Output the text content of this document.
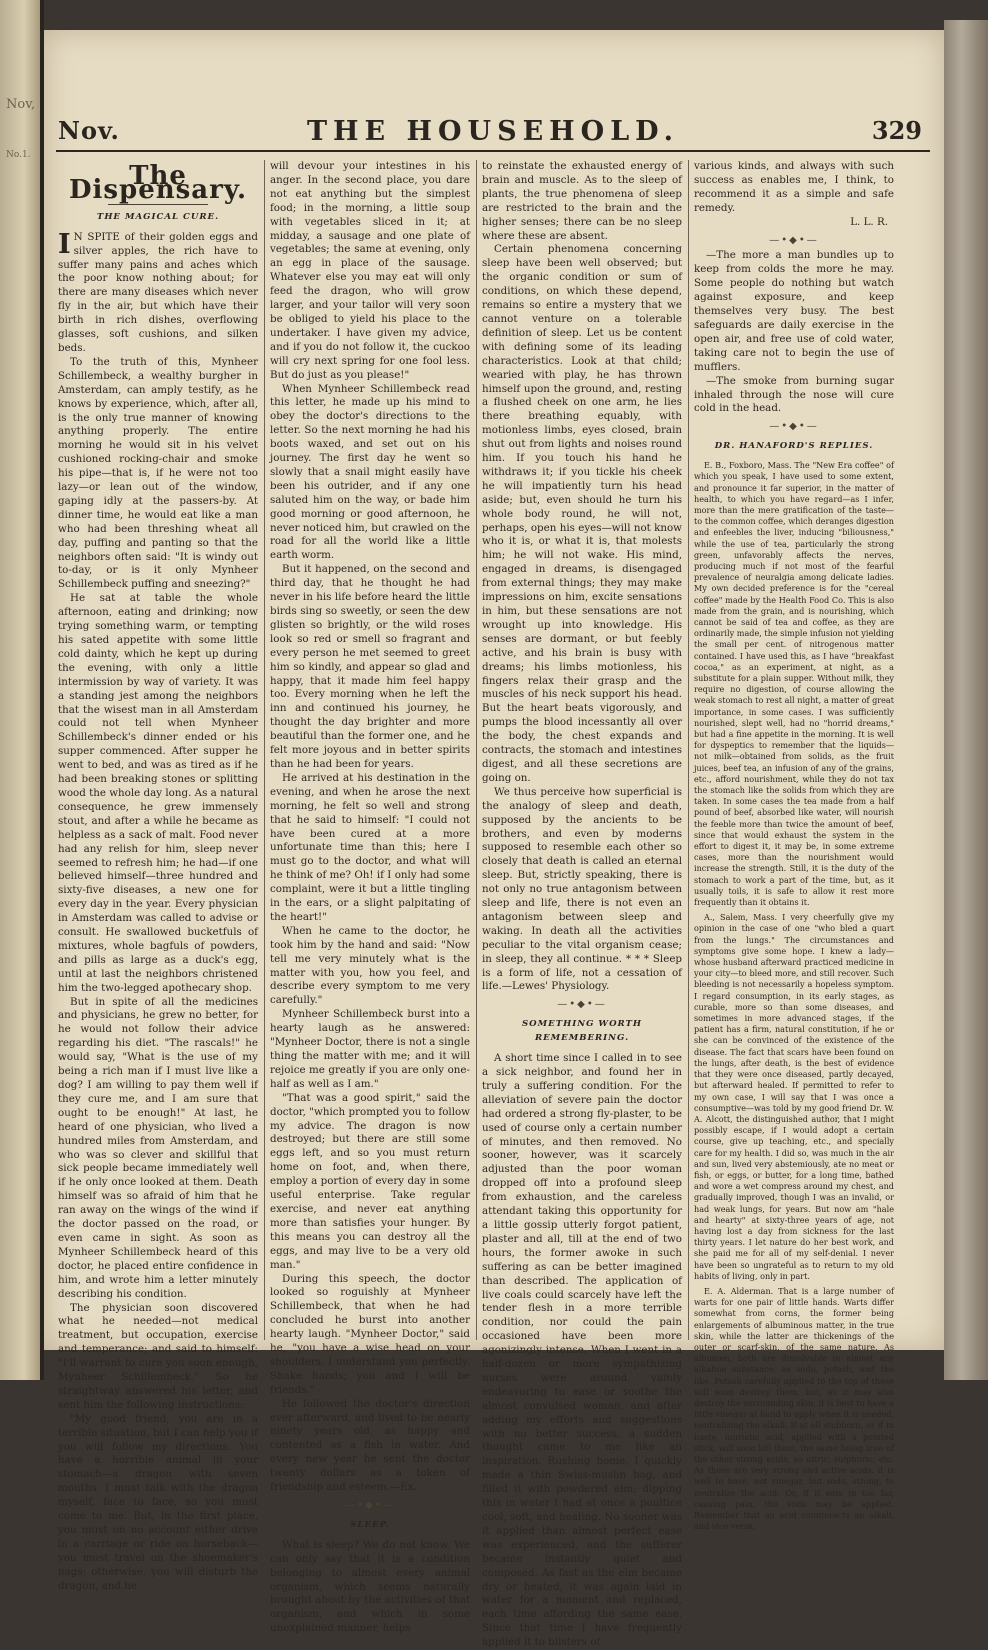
Nov,
No.1.
Nov.	THE HOUSEHOLD.	329
The Dispensary.
THE MAGICAL CURE.

I N SPITE of their golden eggs and silver apples, the rich have to suffer many pains and aches which the poor know nothing about; for there are many diseases which never fly in the air, but which have their birth in rich dishes, overflowing glasses, soft cushions, and silken beds.

To the truth of this, Mynheer Schillembeck, a wealthy burgher in Amsterdam, can amply testify, as he knows by experience, which, after all, is the only true manner of knowing anything properly. The entire morning he would sit in his velvet cushioned rocking-chair and smoke his pipe—that is, if he were not too lazy—or lean out of the window, gaping idly at the passers-by. At dinner time, he would eat like a man who had been threshing wheat all day, puffing and panting so that the neighbors often said: "It is windy out to-day, or is it only Mynheer Schillembeck puffing and sneezing?"

He sat at table the whole afternoon, eating and drinking; now trying something warm, or tempting his sated appetite with some little cold dainty, which he kept up during the evening, with only a little intermission by way of variety. It was a standing jest among the neighbors that the wisest man in all Amsterdam could not tell when Mynheer Schillembeck's dinner ended or his supper commenced. After supper he went to bed, and was as tired as if he had been breaking stones or splitting wood the whole day long. As a natural consequence, he grew immensely stout, and after a while he became as helpless as a sack of malt. Food never had any relish for him, sleep never seemed to refresh him; he had—if one believed himself—three hundred and sixty-five diseases, a new one for every day in the year. Every physician in Amsterdam was called to advise or consult. He swallowed bucketfuls of mixtures, whole bagfuls of powders, and pills as large as a duck's egg, until at last the neighbors christened him the two-legged apothecary shop.

But in spite of all the medicines and physicians, he grew no better, for he would not follow their advice regarding his diet. "The rascals!" he would say, "What is the use of my being a rich man if I must live like a dog? I am willing to pay them well if they cure me, and I am sure that ought to be enough!" At last, he heard of one physician, who lived a hundred miles from Amsterdam, and who was so clever and skillful that sick people became immediately well if he only once looked at them. Death himself was so afraid of him that he ran away on the wings of the wind if the doctor passed on the road, or even came in sight. As soon as Mynheer Schillembeck heard of this doctor, he placed entire confidence in him, and wrote him a letter minutely describing his condition.

The physician soon discovered what he needed—not medical treatment, but occupation, exercise and temperance; and said to himself: "I'll warrant to cure you soon enough, Mynheer Schillembeck." So he straightway answered his letter, and sent him the following instructions:

"My good friend, you are in a terrible situation, but I can help you if you will follow my directions. You have a horrible animal in your stomach—a dragon with seven mouths. I must talk with the dragon myself, face to face, so you must come to me. But, in the first place, you must on no account either drive in a carriage or ride on horseback—you must travel on the shoemaker's nags; otherwise, you will disturb the dragon, and he

will devour your intestines in his anger. In the second place, you dare not eat anything but the simplest food; in the morning, a little soup with vegetables sliced in it; at midday, a sausage and one plate of vegetables; the same at evening, only an egg in place of the sausage. Whatever else you may eat will only feed the dragon, who will grow larger, and your tailor will very soon be obliged to yield his place to the undertaker. I have given my advice, and if you do not follow it, the cuckoo will cry next spring for one fool less. But do just as you please!"

When Mynheer Schillembeck read this letter, he made up his mind to obey the doctor's directions to the letter. So the next morning he had his boots waxed, and set out on his journey. The first day he went so slowly that a snail might easily have been his outrider, and if any one saluted him on the way, or bade him good morning or good afternoon, he never noticed him, but crawled on the road for all the world like a little earth worm.

But it happened, on the second and third day, that he thought he had never in his life before heard the little birds sing so sweetly, or seen the dew glisten so brightly, or the wild roses look so red or smell so fragrant and every person he met seemed to greet him so kindly, and appear so glad and happy, that it made him feel happy too. Every morning when he left the inn and continued his journey, he thought the day brighter and more beautiful than the former one, and he felt more joyous and in better spirits than he had been for years.

He arrived at his destination in the evening, and when he arose the next morning, he felt so well and strong that he said to himself: "I could not have been cured at a more unfortunate time than this; here I must go to the doctor, and what will he think of me? Oh! if I only had some complaint, were it but a little tingling in the ears, or a slight palpitating of the heart!"

When he came to the doctor, he took him by the hand and said: "Now tell me very minutely what is the matter with you, how you feel, and describe every symptom to me very carefully."

Mynheer Schillembeck burst into a hearty laugh as he answered: "Mynheer Doctor, there is not a single thing the matter with me; and it will rejoice me greatly if you are only one-half as well as I am."

"That was a good spirit," said the doctor, "which prompted you to follow my advice. The dragon is now destroyed; but there are still some eggs left, and so you must return home on foot, and, when there, employ a portion of every day in some useful enterprise. Take regular exercise, and never eat anything more than satisfies your hunger. By this means you can destroy all the eggs, and may live to be a very old man."

During this speech, the doctor looked so roguishly at Mynheer Schillembeck, that when he had concluded he burst into another hearty laugh. "Mynheer Doctor," said he, "you have a wise head on your shoulders. I understand you perfectly. Shake hands; you and I will be friends."

He followed the doctor's direction ever afterward, and lived to be nearly ninety years old, as happy and contented as a fish in water. And every new year he sent the doctor twenty dollars as a token of friendship and esteem.—Ex.

—•◆•—
SLEEP.

What is sleep? We do not know. We can only say that it is a condition belonging to almost every animal organism, which seems naturally brought about by the activities of that organism, and which in some unexplained manner, helps

to reinstate the exhausted energy of brain and muscle. As to the sleep of plants, the true phenomena of sleep are restricted to the brain and the higher senses; there can be no sleep where these are absent.

Certain phenomena concerning sleep have been well observed; but the organic condition or sum of conditions, on which these depend, remains so entire a mystery that we cannot venture on a tolerable definition of sleep. Let us be content with defining some of its leading characteristics. Look at that child; wearied with play, he has thrown himself upon the ground, and, resting a flushed cheek on one arm, he lies there breathing equably, with motionless limbs, eyes closed, brain shut out from lights and noises round him. If you touch his hand he withdraws it; if you tickle his cheek he will impatiently turn his head aside; but, even should he turn his whole body round, he will not, perhaps, open his eyes—will not know who it is, or what it is, that molests him; he will not wake. His mind, engaged in dreams, is disengaged from external things; they may make impressions on him, excite sensations in him, but these sensations are not wrought up into knowledge. His senses are dormant, or but feebly active, and his brain is busy with dreams; his limbs motionless, his fingers relax their grasp and the muscles of his neck support his head. But the heart beats vigorously, and pumps the blood incessantly all over the body, the chest expands and contracts, the stomach and intestines digest, and all these secretions are going on.

We thus perceive how superficial is the analogy of sleep and death, supposed by the ancients to be brothers, and even by moderns supposed to resemble each other so closely that death is called an eternal sleep. But, strictly speaking, there is not only no true antagonism between sleep and life, there is not even an antagonism between sleep and waking. In death all the activities peculiar to the vital organism cease; in sleep, they all continue. * * * Sleep is a form of life, not a cessation of life.—Lewes' Physiology.

—•◆•—
SOMETHING WORTH REMEMBERING.

A short time since I called in to see a sick neighbor, and found her in truly a suffering condition. For the alleviation of severe pain the doctor had ordered a strong fly-plaster, to be used of course only a certain number of minutes, and then removed. No sooner, however, was it scarcely adjusted than the poor woman dropped off into a profound sleep from exhaustion, and the careless attendant taking this opportunity for a little gossip utterly forgot patient, plaster and all, till at the end of two hours, the former awoke in such suffering as can be better imagined than described. The application of live coals could scarcely have left the tender flesh in a more terrible condition, nor could the pain occasioned have been more agonizingly intense. When I went in a half-dozen or more sympathizing nurses were around vainly endeavoring to ease or soothe the almost convulsed woman, and after adding my efforts and suggestions with no better success, a sudden thought came to me like an inspiration. Rushing home, I quickly made a thin Swiss-muslin bag, and filled it with powdered elm; dipping this in water I had at once a poultice cool, soft, and healing. No sooner was it applied than almost perfect ease was experienced, and the sufferer became instantly quiet and composed. As fast as the elm became dry or heated, it was again laid in water for a moment and replaced, each time affording the same ease. Since that time I have frequently applied it to blisters of

various kinds, and always with such success as enables me, I think, to recommend it as a simple and safe remedy.

L. L. R.

—•◆•—

—The more a man bundles up to keep from colds the more he may. Some people do nothing but watch against exposure, and keep themselves very busy. The best safeguards are daily exercise in the open air, and free use of cold water, taking care not to begin the use of mufflers.

—The smoke from burning sugar inhaled through the nose will cure cold in the head.

—•◆•—
DR. HANAFORD'S REPLIES.

E. B., Foxboro, Mass. The "New Era coffee" of which you speak, I have used to some extent, and pronounce it far superior, in the matter of health, to which you have regard—as I infer, more than the mere gratification of the taste—to the common coffee, which deranges digestion and enfeebles the liver, inducing "biliousness," while the use of tea, particularly the strong green, unfavorably affects the nerves, producing much if not most of the fearful prevalence of neuralgia among delicate ladies. My own decided preference is for the "cereal coffee" made by the Health Food Co. This is also made from the grain, and is nourishing, which cannot be said of tea and coffee, as they are ordinarily made, the simple infusion not yielding the small per cent. of nitrogenous matter contained. I have used this, as I have "breakfast cocoa," as an experiment, at night, as a substitute for a plain supper. Without milk, they require no digestion, of course allowing the weak stomach to rest all night, a matter of great importance, in some cases. I was sufficiently nourished, slept well, had no "horrid dreams," but had a fine appetite in the morning. It is well for dyspeptics to remember that the liquids—not milk—obtained from solids, as the fruit juices, beef tea, an infusion of any of the grains, etc., afford nourishment, while they do not tax the stomach like the solids from which they are taken. In some cases the tea made from a half pound of beef, absorbed like water, will nourish the feeble more than twice the amount of beef, since that would exhaust the system in the effort to digest it, it may be, in some extreme cases, more than the nourishment would increase the strength. Still, it is the duty of the stomach to work a part of the time, but, as it usually toils, it is safe to allow it rest more frequently than it obtains it.

A., Salem, Mass. I very cheerfully give my opinion in the case of one "who bled a quart from the lungs." The circumstances and symptoms give some hope. I knew a lady—whose husband afterward practiced medicine in your city—to bleed more, and still recover. Such bleeding is not necessarily a hopeless symptom. I regard consumption, in its early stages, as curable, more so than some diseases, and sometimes in more advanced stages, if the patient has a firm, natural constitution, if he or she can be convinced of the existence of the disease. The fact that scars have been found on the lungs, after death, is the best of evidence that they were once diseased, partly decayed, but afterward healed. If permitted to refer to my own case, I will say that I was once a consumptive—was told by my good friend Dr. W. A. Alcott, the distinguished author, that I might possibly escape, if I would adopt a certain course, give up teaching, etc., and specially care for my health. I did so, was much in the air and sun, lived very abstemiously, ate no meat or fish, or eggs, or butter, for a long time, bathed and wore a wet compress around my chest, and gradually improved, though I was an invalid, or had weak lungs, for years. But now am "hale and hearty" at sixty-three years of age, not having lost a day from sickness for the last thirty years. I let nature do her best work, and she paid me for all of my self-denial. I never have been so ungrateful as to return to my old habits of living, only in part.

E. A. Alderman. That is a large number of warts for one pair of little hands. Warts differ somewhat from corns, the former being enlargements of albuminous matter, in the true skin, while the latter are thickenings of the outer or scarf-skin, of the same nature. As albumen, both are dissolvable in almost any alkaline substance, as soda, potash, and the like. Potash carefully applied to the top of these will soon destroy them, but, as it may also destroy the surrounding skin, it is best to have a little vinegar at hand to apply when it is needed, neutralizing the alkali. If at all stubborn, or if in haste, muriatic acid, applied with a pointed stick, will soon kill them, the same being true of the other strong acids, as nitric, sulphuric, etc. As these are very strong and active acids, it is well to have, not vinegar, but soda, strong, to neutralize the acid. Or, if it eats in too far, causing pain, the soda may be applied. Remember that an acid counteracts an alkali, and vice versa.
